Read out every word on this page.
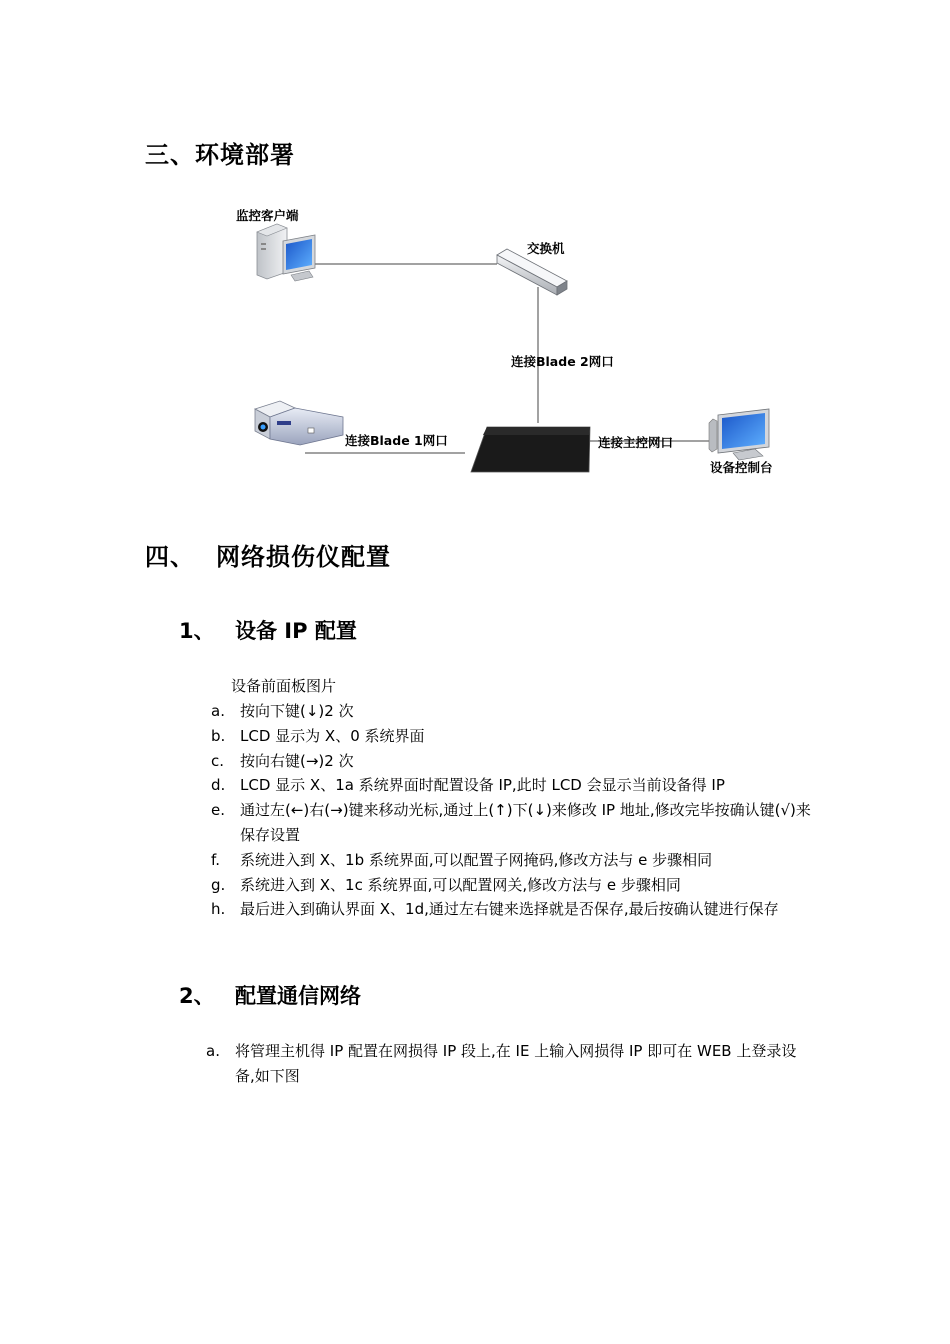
三、环境部署
监控客户端
交换机
连接Blade 2网口
连接Blade 1网口	连接主控网口
设备控制台
四、 网络损伤仪配置
1、 设备 IP 配置
设备前面板图片
a. 按向下键(↓)2 次
b. LCD 显示为 X、0 系统界面
c. 按向右键(→)2 次
d. LCD 显示 X、1a 系统界面时配置设备 IP,此时 LCD 会显示当前设备得 IP
e. 通过左(←)右(→)键来移动光标,通过上(↑)下(↓)来修改 IP 地址,修改完毕按确认键(√)来保存设置
f. 系统进入到 X、1b 系统界面,可以配置子网掩码,修改方法与 e 步骤相同
g. 系统进入到 X、1c 系统界面,可以配置网关,修改方法与 e 步骤相同
h. 最后进入到确认界面 X、1d,通过左右键来选择就是否保存,最后按确认键进行保存
2、 配置通信网络
a. 将管理主机得 IP 配置在网损得 IP 段上,在 IE 上输入网损得 IP 即可在 WEB 上登录设备,如下图
